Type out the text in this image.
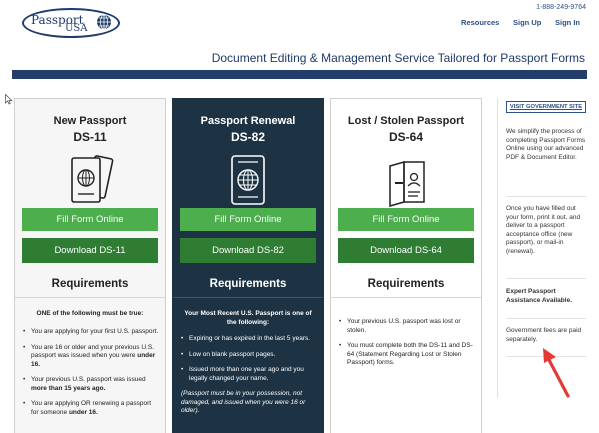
Passport
USA
1-888-249-9764
Resources Sign Up Sign In
Document Editing & Management Service Tailored for Passport Forms
New Passport
DS-11
Fill Form Online
Download DS-11
Requirements
ONE of the following must be true:
• You are applying for your first U.S. passport.
• You are 16 or older and your previous U.S. passport was issued when you were under 16.
• Your previous U.S. passport was issued more than 15 years ago.
• You are applying OR renewing a passport for someone under 16.
Passport Renewal
DS-82
Fill Form Online
Download DS-82
Requirements
Your Most Recent U.S. Passport is one of the following:
• Expiring or has expired in the last 5 years.
• Low on blank passport pages.
• Issued more than one year ago and you legally changed your name.
(Passport must be in your possession, not damaged, and issued when you were 16 or older).
Lost / Stolen Passport
DS-64
Fill Form Online
Download DS-64
Requirements
• Your previous U.S. passport was lost or stolen.
• You must complete both the DS-11 and DS-64 (Statement Regarding Lost or Stolen Passport) forms.
VISIT GOVERNMENT SITE
We simplify the process of completing Passport Forms Online using our advanced PDF & Document Editor.
Once you have filled out your form, print it out, and deliver to a passport acceptance office (new passport), or mail-in (renewal).
Expert Passport Assistance Available.
Government fees are paid separately.
